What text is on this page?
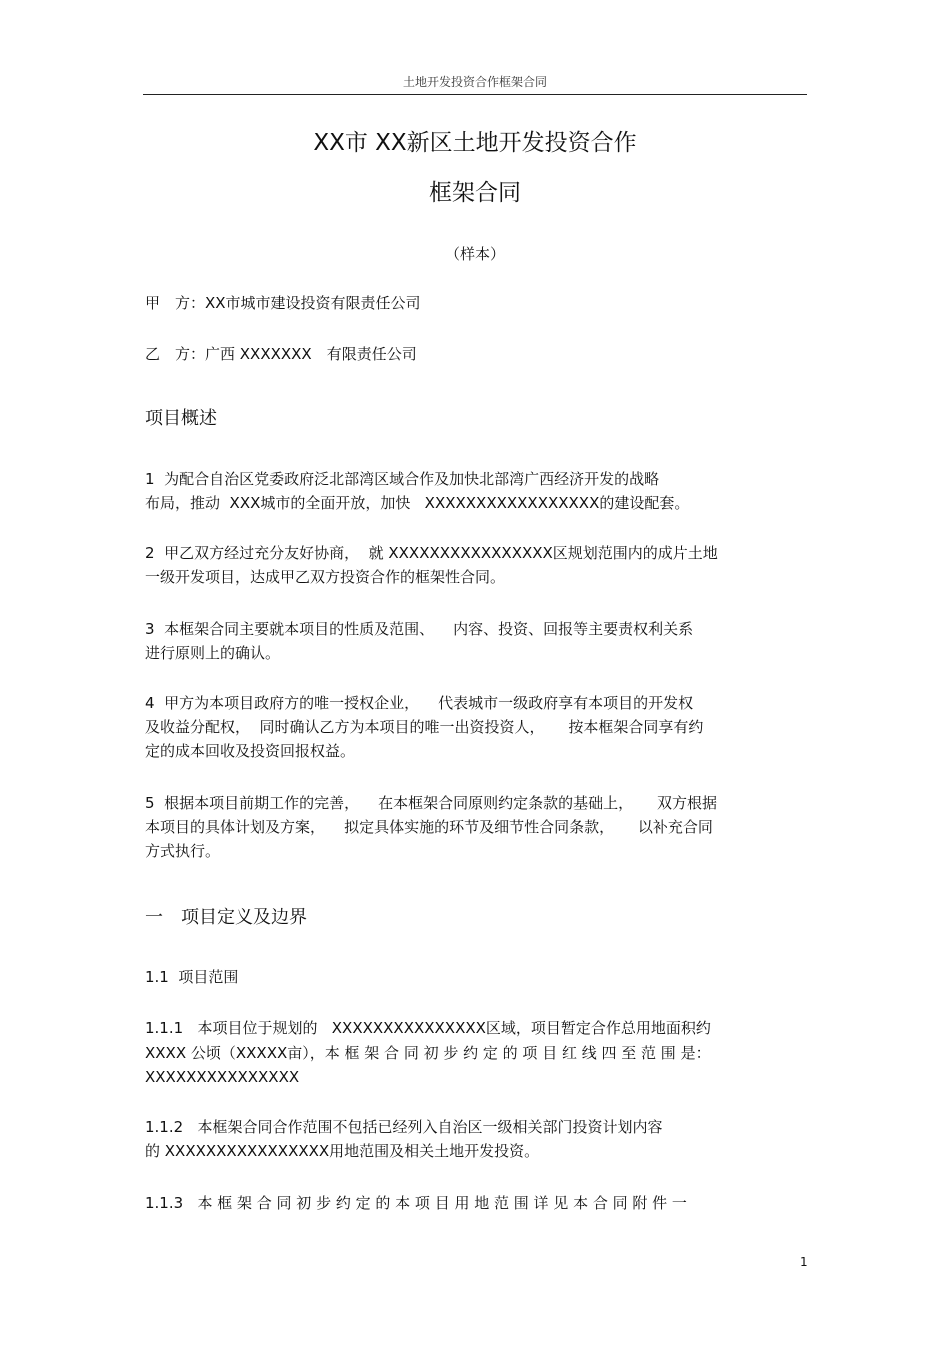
土地开发投资合作框架合同
XX市 XX新区土地开发投资合作
框架合同
（样本）
甲　方：XX市城市建设投资有限责任公司
乙　方：广西 XXXXXXX　有限责任公司
项目概述
1  为配合自治区党委政府泛北部湾区域合作及加快北部湾广西经济开发的战略
布局，推动  XXX城市的全面开放，加快   XXXXXXXXXXXXXXXXX的建设配套。
2  甲乙双方经过充分友好协商，  就 XXXXXXXXXXXXXXXX区规划范围内的成片土地
一级开发项目，达成甲乙双方投资合作的框架性合同。
3  本框架合同主要就本项目的性质及范围、    内容、投资、回报等主要责权利关系
进行原则上的确认。
4  甲方为本项目政府方的唯一授权企业，    代表城市一级政府享有本项目的开发权
及收益分配权，  同时确认乙方为本项目的唯一出资投资人，     按本框架合同享有约
定的成本回收及投资回报权益。
5  根据本项目前期工作的完善，    在本框架合同原则约定条款的基础上，     双方根据
本项目的具体计划及方案，    拟定具体实施的环节及细节性合同条款，     以补充合同
方式执行。
一　项目定义及边界
1.1  项目范围
1.1.1   本项目位于规划的   XXXXXXXXXXXXXXX区域，项目暂定合作总用地面积约
XXXX 公顷（XXXXX亩），本 框 架 合 同 初 步 约 定 的 项 目 红 线 四 至 范 围 是：
XXXXXXXXXXXXXXX
1.1.2   本框架合同合作范围不包括已经列入自治区一级相关部门投资计划内容
的 XXXXXXXXXXXXXXXX用地范围及相关土地开发投资。
1.1.3   本 框 架 合 同 初 步 约 定 的 本 项 目 用 地 范 围 详 见 本 合 同 附 件 一
1
